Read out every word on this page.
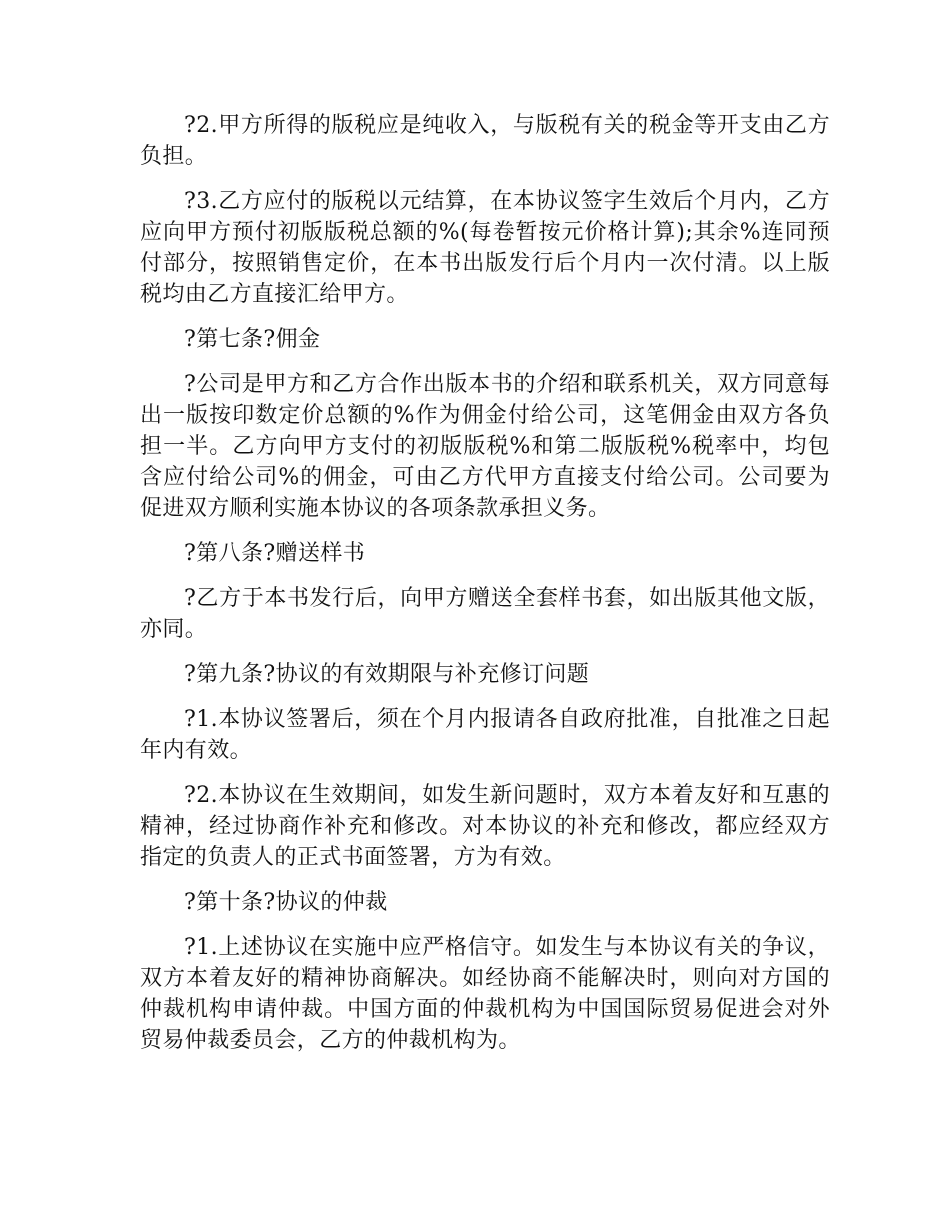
?2.甲方所得的版税应是纯收入，与版税有关的税金等开支由乙方负担。

?3.乙方应付的版税以元结算，在本协议签字生效后个月内，乙方应向甲方预付初版版税总额的%(每卷暂按元价格计算);其余%连同预付部分，按照销售定价，在本书出版发行后个月内一次付清。以上版税均由乙方直接汇给甲方。

?第七条?佣金

?公司是甲方和乙方合作出版本书的介绍和联系机关，双方同意每出一版按印数定价总额的%作为佣金付给公司，这笔佣金由双方各负担一半。乙方向甲方支付的初版版税%和第二版版税%税率中，均包含应付给公司%的佣金，可由乙方代甲方直接支付给公司。公司要为促进双方顺利实施本协议的各项条款承担义务。

?第八条?赠送样书

?乙方于本书发行后，向甲方赠送全套样书套，如出版其他文版，亦同。

?第九条?协议的有效期限与补充修订问题

?1.本协议签署后，须在个月内报请各自政府批准，自批准之日起年内有效。

?2.本协议在生效期间，如发生新问题时，双方本着友好和互惠的精神，经过协商作补充和修改。对本协议的补充和修改，都应经双方指定的负责人的正式书面签署，方为有效。

?第十条?协议的仲裁

?1.上述协议在实施中应严格信守。如发生与本协议有关的争议，双方本着友好的精神协商解决。如经协商不能解决时，则向对方国的仲裁机构申请仲裁。中国方面的仲裁机构为中国国际贸易促进会对外贸易仲裁委员会，乙方的仲裁机构为。
